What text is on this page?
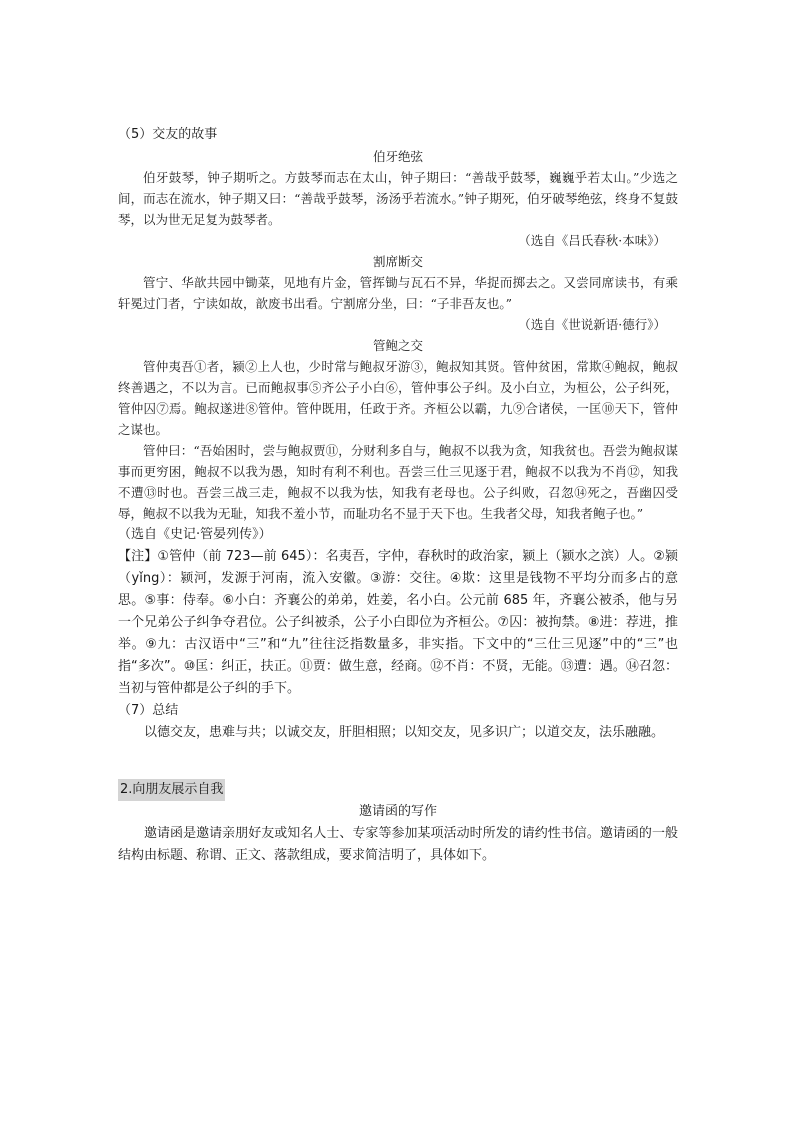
（5）交友的故事

伯牙绝弦

伯牙鼓琴，钟子期听之。方鼓琴而志在太山，钟子期曰：“善哉乎鼓琴，巍巍乎若太山。”少选之间，而志在流水，钟子期又曰：“善哉乎鼓琴，汤汤乎若流水。”钟子期死，伯牙破琴绝弦，终身不复鼓琴，以为世无足复为鼓琴者。

（选自《吕氏春秋·本味》）

割席断交

管宁、华歆共园中锄菜，见地有片金，管挥锄与瓦石不异，华捉而掷去之。又尝同席读书，有乘轩冕过门者，宁读如故，歆废书出看。宁割席分坐，曰：“子非吾友也。”

（选自《世说新语·德行》）

管鲍之交

管仲夷吾①者，颍②上人也，少时常与鲍叔牙游③，鲍叔知其贤。管仲贫困，常欺④鲍叔，鲍叔终善遇之，不以为言。已而鲍叔事⑤齐公子小白⑥，管仲事公子纠。及小白立，为桓公，公子纠死，管仲囚⑦焉。鲍叔遂进⑧管仲。管仲既用，任政于齐。齐桓公以霸，九⑨合诸侯，一匡⑩天下，管仲之谋也。

管仲曰：“吾始困时，尝与鲍叔贾⑪，分财利多自与，鲍叔不以我为贪，知我贫也。吾尝为鲍叔谋事而更穷困，鲍叔不以我为愚，知时有利不利也。吾尝三仕三见逐于君，鲍叔不以我为不肖⑫，知我不遭⑬时也。吾尝三战三走，鲍叔不以我为怯，知我有老母也。公子纠败，召忽⑭死之，吾幽囚受辱，鲍叔不以我为无耻，知我不羞小节，而耻功名不显于天下也。生我者父母，知我者鲍子也。”

（选自《史记·管晏列传》）

【注】①管仲（前 723—前 645）：名夷吾，字仲，春秋时的政治家，颍上（颍水之滨）人。②颍（yǐng）：颍河，发源于河南，流入安徽。③游：交往。④欺：这里是钱物不平均分而多占的意思。⑤事：侍奉。⑥小白：齐襄公的弟弟，姓姜，名小白。公元前 685 年，齐襄公被杀，他与另一个兄弟公子纠争夺君位。公子纠被杀，公子小白即位为齐桓公。⑦囚：被拘禁。⑧进：荐进，推举。⑨九：古汉语中“三”和“九”往往泛指数量多，非实指。下文中的“三仕三见逐”中的“三”也指“多次”。⑩匡：纠正，扶正。⑪贾：做生意，经商。⑫不肖：不贤，无能。⑬遭：遇。⑭召忽：当初与管仲都是公子纠的手下。

（7）总结

以德交友，患难与共；以诚交友，肝胆相照；以知交友，见多识广；以道交友，法乐融融。

2.向朋友展示自我

邀请函的写作

邀请函是邀请亲朋好友或知名人士、专家等参加某项活动时所发的请约性书信。邀请函的一般结构由标题、称谓、正文、落款组成，要求简洁明了，具体如下。
